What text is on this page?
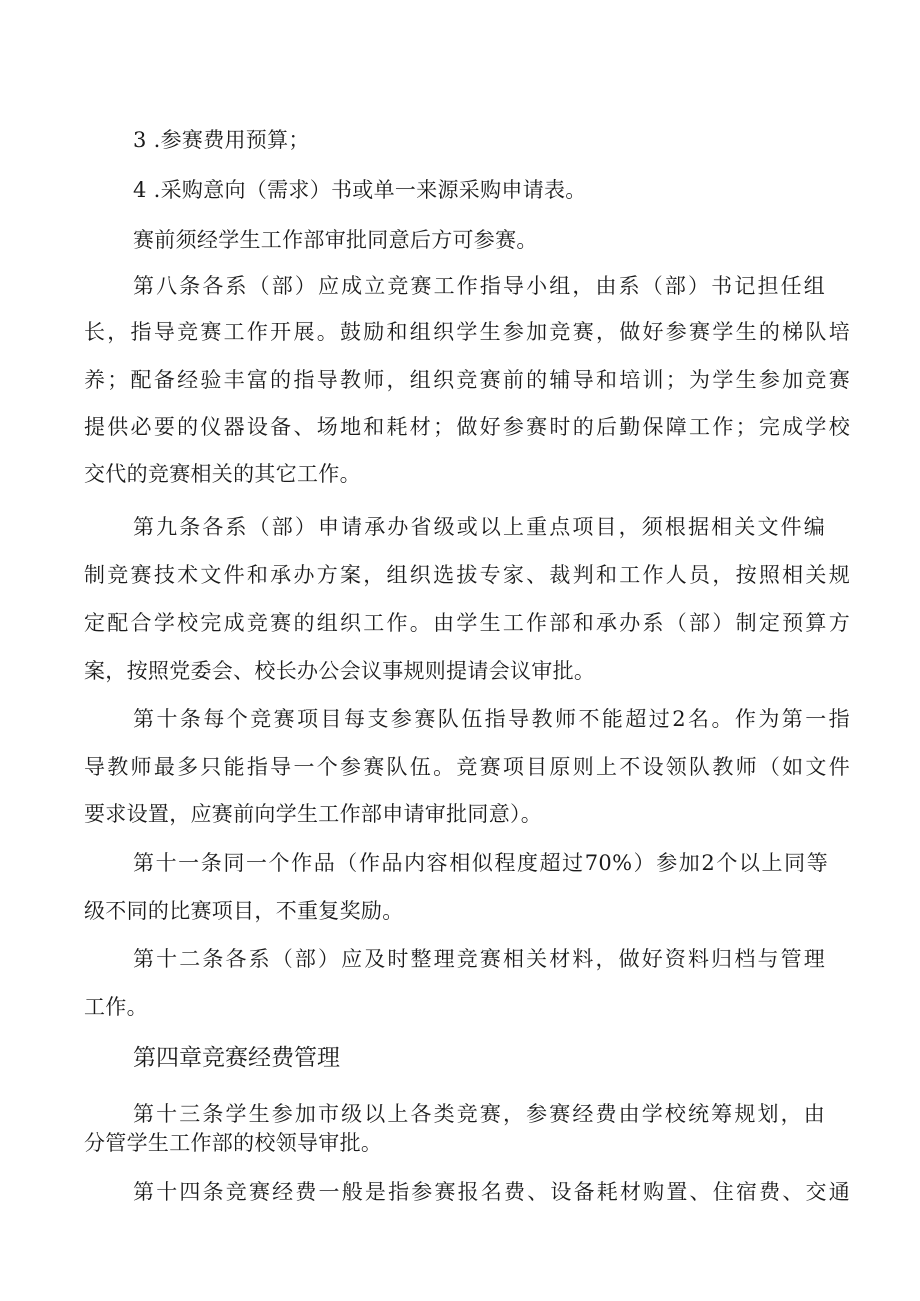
3 .参赛费用预算；
4 .采购意向（需求）书或单一来源采购申请表。
赛前须经学生工作部审批同意后方可参赛。
第八条各系（部）应成立竞赛工作指导小组，由系（部）书记担任组
长，指导竞赛工作开展。鼓励和组织学生参加竞赛，做好参赛学生的梯队培
养；配备经验丰富的指导教师，组织竞赛前的辅导和培训；为学生参加竞赛
提供必要的仪器设备、场地和耗材；做好参赛时的后勤保障工作；完成学校
交代的竞赛相关的其它工作。
第九条各系（部）申请承办省级或以上重点项目，须根据相关文件编
制竞赛技术文件和承办方案，组织选拔专家、裁判和工作人员，按照相关规
定配合学校完成竞赛的组织工作。由学生工作部和承办系（部）制定预算方
案，按照党委会、校长办公会议事规则提请会议审批。
第十条每个竞赛项目每支参赛队伍指导教师不能超过2名。作为第一指
导教师最多只能指导一个参赛队伍。竞赛项目原则上不设领队教师（如文件
要求设置，应赛前向学生工作部申请审批同意）。
第十一条同一个作品（作品内容相似程度超过70%）参加2个以上同等
级不同的比赛项目，不重复奖励。
第十二条各系（部）应及时整理竞赛相关材料，做好资料归档与管理
工作。
第四章竞赛经费管理
第十三条学生参加市级以上各类竞赛，参赛经费由学校统筹规划，由
分管学生工作部的校领导审批。
第十四条竞赛经费一般是指参赛报名费、设备耗材购置、住宿费、交通
